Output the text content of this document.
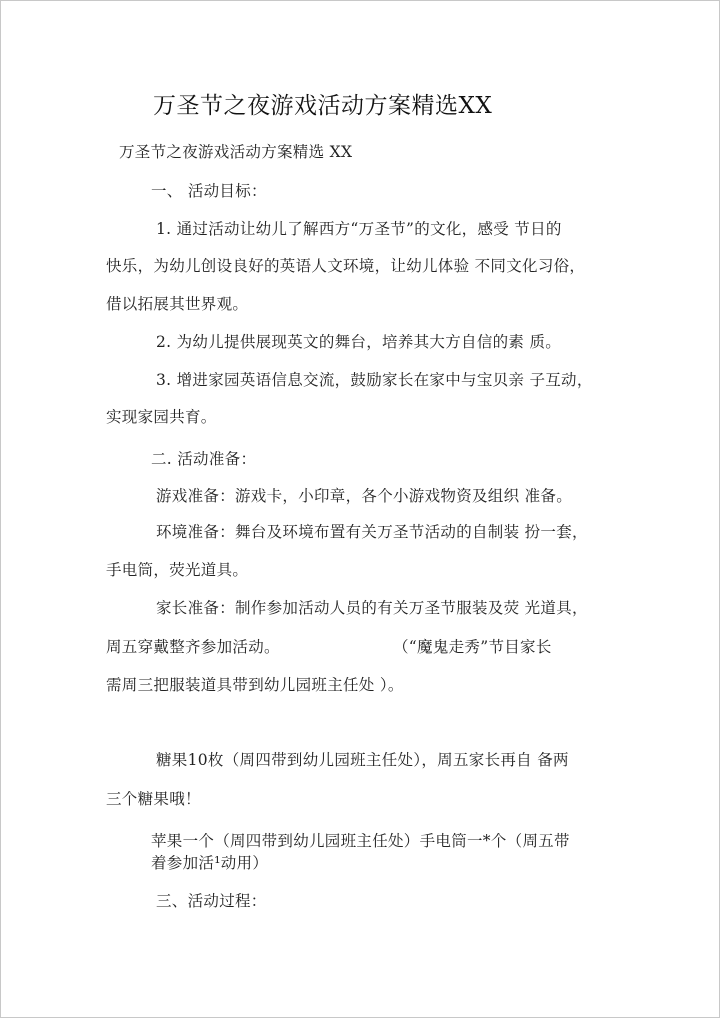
万圣节之夜游戏活动方案精选XX
万圣节之夜游戏活动方案精选 XX
一、 活动目标：
1. 通过活动让幼儿了解西方“万圣节”的文化，感受 节日的
快乐，为幼儿创设良好的英语人文环境，让幼儿体验 不同文化习俗，
借以拓展其世界观。
2. 为幼儿提供展现英文的舞台，培养其大方自信的素 质。
3. 增进家园英语信息交流，鼓励家长在家中与宝贝亲 子互动，
实现家园共育。
二. 活动准备：
游戏准备：游戏卡，小印章，各个小游戏物资及组织 准备。
环境准备：舞台及环境布置有关万圣节活动的自制装 扮一套，
手电筒，荧光道具。
家长准备：制作参加活动人员的有关万圣节服装及荧 光道具，
周五穿戴整齐参加活动。	（“魔鬼走秀”节目家长
需周三把服装道具带到幼儿园班主任处 ）。
糖果10枚（周四带到幼儿园班主任处），周五家长再自 备两
三个糖果哦！
苹果一个（周四带到幼儿园班主任处）手电筒一*个（周五带
着参加活¹动用）
三、活动过程：
